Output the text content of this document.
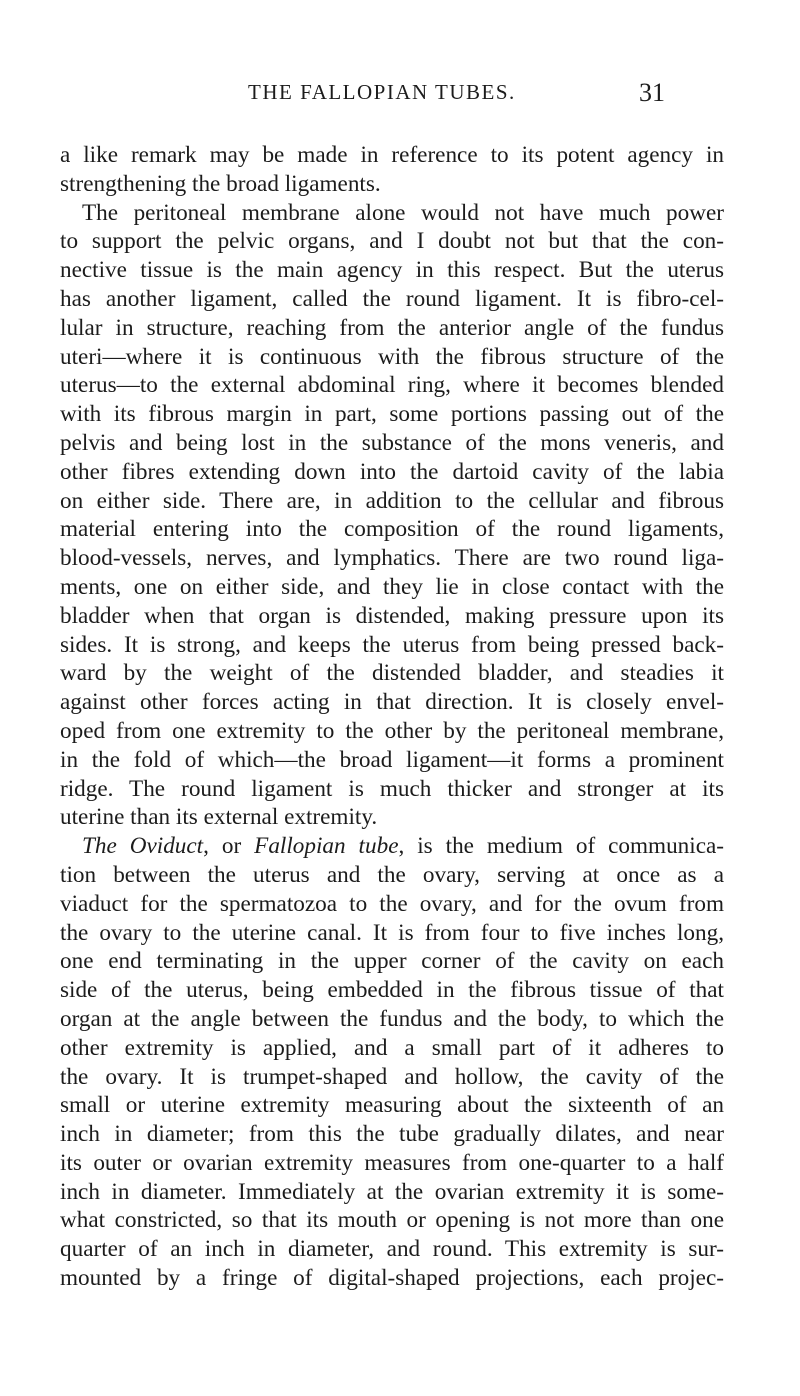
THE FALLOPIAN TUBES.	31
a like remark may be made in reference to its potent agency in
strengthening the broad ligaments.
The peritoneal membrane alone would not have much power
to support the pelvic organs, and I doubt not but that the con-
nective tissue is the main agency in this respect. But the uterus
has another ligament, called the round ligament. It is fibro-cel-
lular in structure, reaching from the anterior angle of the fundus
uteri—where it is continuous with the fibrous structure of the
uterus—to the external abdominal ring, where it becomes blended
with its fibrous margin in part, some portions passing out of the
pelvis and being lost in the substance of the mons veneris, and
other fibres extending down into the dartoid cavity of the labia
on either side. There are, in addition to the cellular and fibrous
material entering into the composition of the round ligaments,
blood-vessels, nerves, and lymphatics. There are two round liga-
ments, one on either side, and they lie in close contact with the
bladder when that organ is distended, making pressure upon its
sides. It is strong, and keeps the uterus from being pressed back-
ward by the weight of the distended bladder, and steadies it
against other forces acting in that direction. It is closely envel-
oped from one extremity to the other by the peritoneal membrane,
in the fold of which—the broad ligament—it forms a prominent
ridge. The round ligament is much thicker and stronger at its
uterine than its external extremity.
The Oviduct, or Fallopian tube, is the medium of communica-
tion between the uterus and the ovary, serving at once as a
viaduct for the spermatozoa to the ovary, and for the ovum from
the ovary to the uterine canal. It is from four to five inches long,
one end terminating in the upper corner of the cavity on each
side of the uterus, being embedded in the fibrous tissue of that
organ at the angle between the fundus and the body, to which the
other extremity is applied, and a small part of it adheres to
the ovary. It is trumpet-shaped and hollow, the cavity of the
small or uterine extremity measuring about the sixteenth of an
inch in diameter; from this the tube gradually dilates, and near
its outer or ovarian extremity measures from one-quarter to a half
inch in diameter. Immediately at the ovarian extremity it is some-
what constricted, so that its mouth or opening is not more than one
quarter of an inch in diameter, and round. This extremity is sur-
mounted by a fringe of digital-shaped projections, each projec-
